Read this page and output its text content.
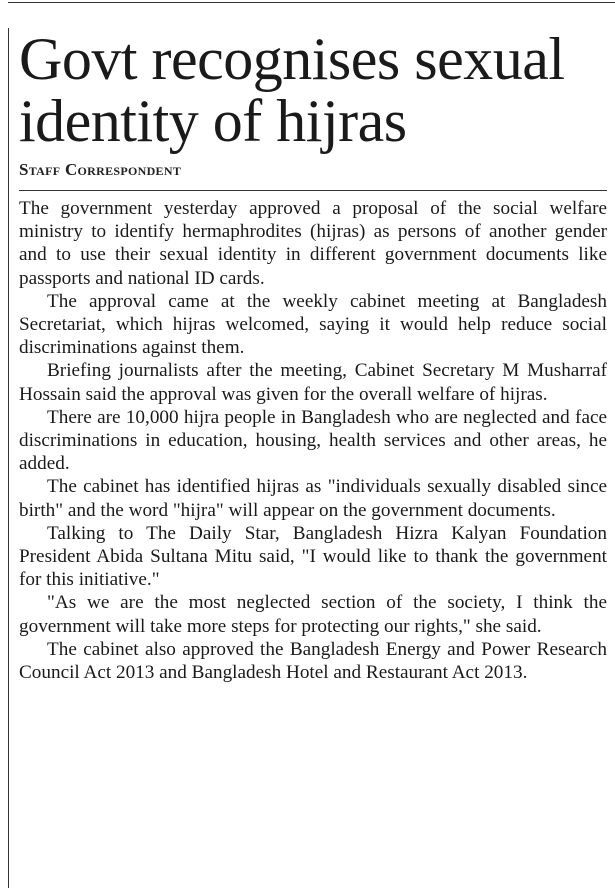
Govt recognises sexual identity of hijras
Staff Correspondent

The government yesterday approved a proposal of the social welfare ministry to identify hermaphrodites (hijras) as persons of another gender and to use their sexual identity in different government documents like passports and national ID cards.

The approval came at the weekly cabinet meeting at Bangladesh Secretariat, which hijras welcomed, saying it would help reduce social discriminations against them.

Briefing journalists after the meeting, Cabinet Secretary M Musharraf Hossain said the approval was given for the overall welfare of hijras.

There are 10,000 hijra people in Bangladesh who are neglected and face discriminations in education, housing, health services and other areas, he added.

The cabinet has identified hijras as "individuals sexually disabled since birth" and the word "hijra" will appear on the government documents.

Talking to The Daily Star, Bangladesh Hizra Kalyan Foundation President Abida Sultana Mitu said, "I would like to thank the government for this initiative."

"As we are the most neglected section of the society, I think the government will take more steps for protecting our rights," she said.

The cabinet also approved the Bangladesh Energy and Power Research Council Act 2013 and Bangladesh Hotel and Restaurant Act 2013.
